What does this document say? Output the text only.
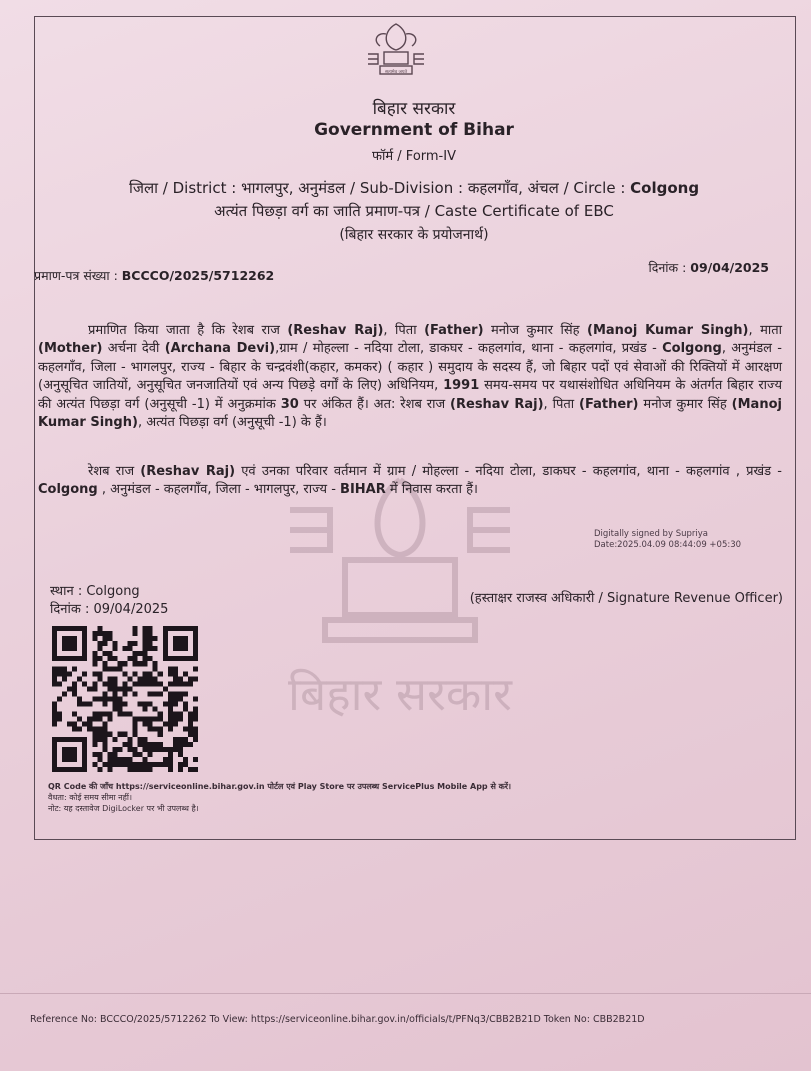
बिहार सरकार
सत्यमेव जयते
बिहार सरकार
Government of Bihar
फॉर्म / Form-IV
जिला / District : भागलपुर, अनुमंडल / Sub-Division : कहलगाँव, अंचल / Circle : Colgong
अत्यंत पिछड़ा वर्ग का जाति प्रमाण-पत्र / Caste Certificate of EBC
(बिहार सरकार के प्रयोजनार्थ)
प्रमाण-पत्र संख्या : BCCCO/2025/5712262
दिनांक : 09/04/2025
प्रमाणित किया जाता है कि रेशब राज (Reshav Raj), पिता (Father) मनोज कुमार सिंह (Manoj Kumar Singh), माता (Mother) अर्चना देवी (Archana Devi),ग्राम / मोहल्ला - नदिया टोला, डाकघर - कहलगांव, थाना - कहलगांव, प्रखंड - Colgong, अनुमंडल - कहलगाँव, जिला - भागलपुर, राज्य - बिहार के चन्द्रवंशी(कहार, कमकर) ( कहार ) समुदाय के सदस्य हैं, जो बिहार पदों एवं सेवाओं की रिक्तियों में आरक्षण (अनुसूचित जातियों, अनुसूचित जनजातियों एवं अन्य पिछड़े वर्गों के लिए) अधिनियम, 1991 समय-समय पर यथासंशोधित अधिनियम के अंतर्गत बिहार राज्य की अत्यंत पिछड़ा वर्ग (अनुसूची -1) में अनुक्रमांक 30 पर अंकित हैं। अत: रेशब राज (Reshav Raj), पिता (Father) मनोज कुमार सिंह (Manoj Kumar Singh), अत्यंत पिछड़ा वर्ग (अनुसूची -1) के हैं।
रेशब राज (Reshav Raj) एवं उनका परिवार वर्तमान में ग्राम / मोहल्ला - नदिया टोला, डाकघर - कहलगांव, थाना - कहलगांव , प्रखंड - Colgong , अनुमंडल - कहलगाँव, जिला - भागलपुर, राज्य - BIHAR में निवास करता हैं।
Digitally signed by Supriya
Date:2025.04.09 08:44:09 +05:30
स्थान : Colgong
दिनांक : 09/04/2025
(हस्ताक्षर राजस्व अधिकारी / Signature Revenue Officer)
QR Code की जाँच https://serviceonline.bihar.gov.in पोर्टल एवं Play Store पर उपलब्ध ServicePlus Mobile App से करें।
वैधता: कोई समय सीमा नहीं।
नोट: यह दस्तावेज DigiLocker पर भी उपलब्ध है।
Reference No: BCCCO/2025/5712262 To View: https://serviceonline.bihar.gov.in/officials/t/PFNq3/CBB2B21D Token No: CBB2B21D
